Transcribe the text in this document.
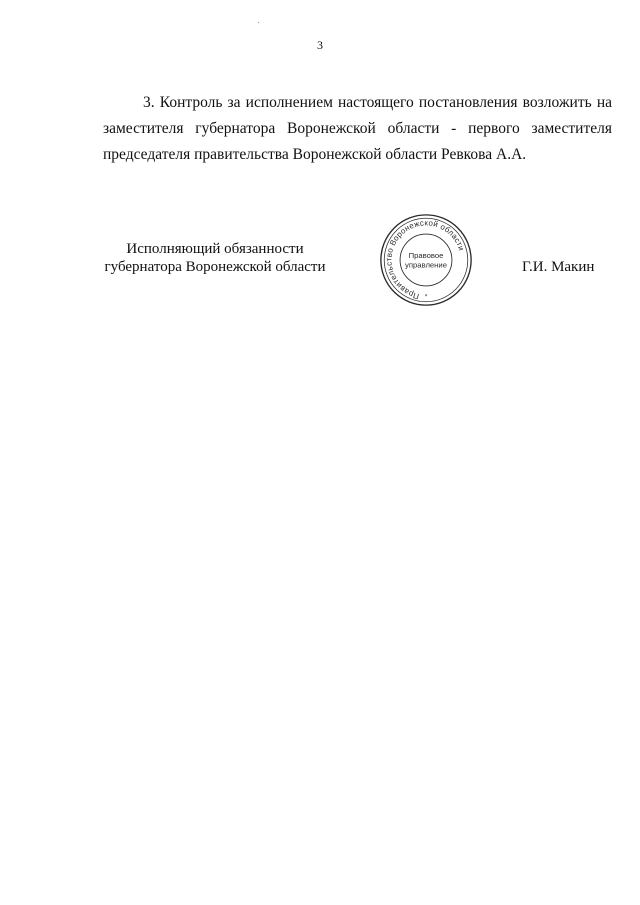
3
3. Контроль за исполнением настоящего постановления возложить на заместителя губернатора Воронежской области - первого заместителя председателя правительства Воронежской области Ревкова А.А.
Исполняющий обязанности
губернатора Воронежской области
Правительство Воронежской области
Правовое
управление
*
Г.И. Макин
